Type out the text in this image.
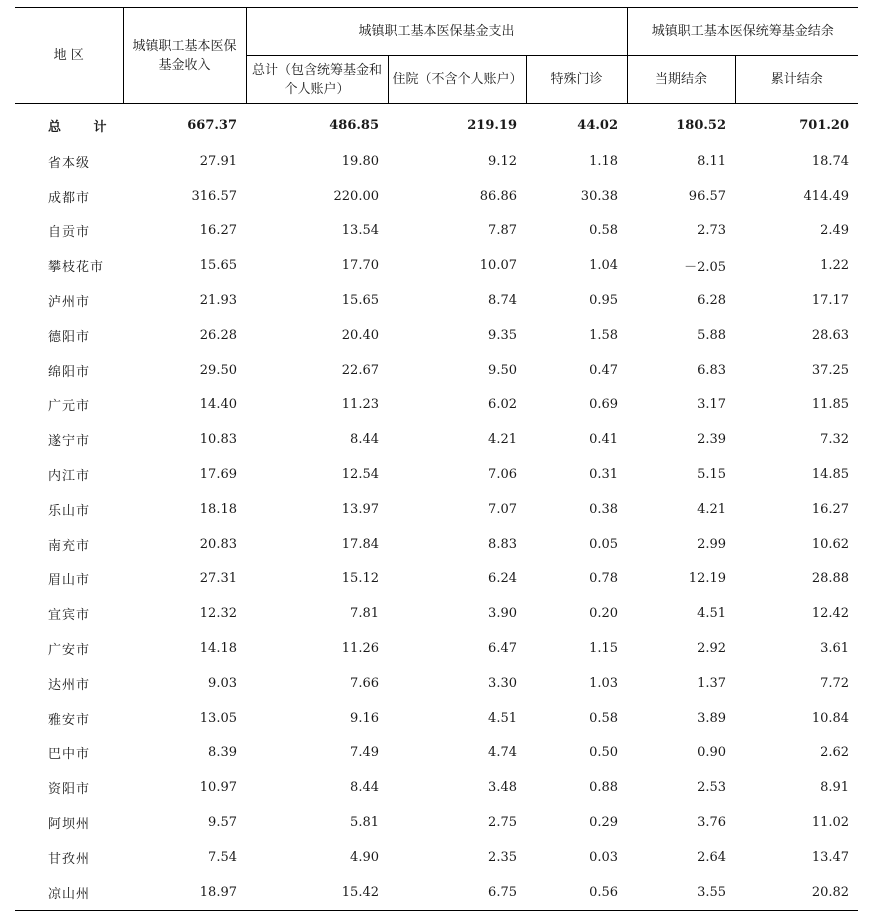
地 区	城镇职工基本医保基金收入	城镇职工基本医保基金支出			城镇职工基本医保统筹基金结余	
		总计（包含统筹基金和个人账户）	住院（不含个人账户）	特殊门诊	当期结余	累计结余
总 计	667.37	486.85	219.19	44.02	180.52	701.20
省本级	27.91	19.80	9.12	1.18	8.11	18.74
成都市	316.57	220.00	86.86	30.38	96.57	414.49
自贡市	16.27	13.54	7.87	0.58	2.73	2.49
攀枝花市	15.65	17.70	10.07	1.04	－2.05	1.22
泸州市	21.93	15.65	8.74	0.95	6.28	17.17
德阳市	26.28	20.40	9.35	1.58	5.88	28.63
绵阳市	29.50	22.67	9.50	0.47	6.83	37.25
广元市	14.40	11.23	6.02	0.69	3.17	11.85
遂宁市	10.83	8.44	4.21	0.41	2.39	7.32
内江市	17.69	12.54	7.06	0.31	5.15	14.85
乐山市	18.18	13.97	7.07	0.38	4.21	16.27
南充市	20.83	17.84	8.83	0.05	2.99	10.62
眉山市	27.31	15.12	6.24	0.78	12.19	28.88
宜宾市	12.32	7.81	3.90	0.20	4.51	12.42
广安市	14.18	11.26	6.47	1.15	2.92	3.61
达州市	9.03	7.66	3.30	1.03	1.37	7.72
雅安市	13.05	9.16	4.51	0.58	3.89	10.84
巴中市	8.39	7.49	4.74	0.50	0.90	2.62
资阳市	10.97	8.44	3.48	0.88	2.53	8.91
阿坝州	9.57	5.81	2.75	0.29	3.76	11.02
甘孜州	7.54	4.90	2.35	0.03	2.64	13.47
凉山州	18.97	15.42	6.75	0.56	3.55	20.82
